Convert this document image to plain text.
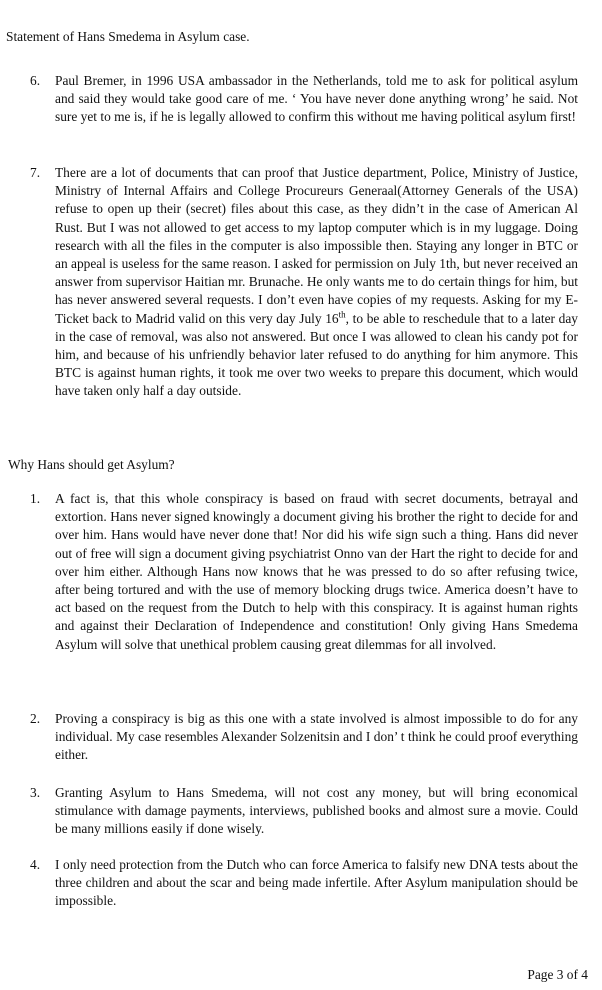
Statement of Hans Smedema in Asylum case.
6.	Paul Bremer, in 1996 USA ambassador in the Netherlands, told me to ask for political asylum and said they would take good care of me. ‘ You have never done anything wrong’ he said. Not sure yet to me is, if he is legally allowed to confirm this without me having political asylum first!
7.	There are a lot of documents that can proof that Justice department, Police, Ministry of Justice, Ministry of Internal Affairs and College Procureurs Generaal(Attorney Generals of the USA) refuse to open up their (secret) files about this case, as they didn’t in the case of American Al Rust. But I was not allowed to get access to my laptop computer which is in my luggage. Doing research with all the files in the computer is also impossible then. Staying any longer in BTC or an appeal is useless for the same reason. I asked for permission on July 1th, but never received an answer from supervisor Haitian mr. Brunache. He only wants me to do certain things for him, but has never answered several requests. I don’t even have copies of my requests. Asking for my E-Ticket back to Madrid valid on this very day July 16th, to be able to reschedule that to a later day in the case of removal, was also not answered. But once I was allowed to clean his candy pot for him, and because of his unfriendly behavior later refused to do anything for him anymore. This BTC is against human rights, it took me over two weeks to prepare this document, which would have taken only half a day outside.
Why Hans should get Asylum?
1.	A fact is, that this whole conspiracy is based on fraud with secret documents, betrayal and extortion. Hans never signed knowingly a document giving his brother the right to decide for and over him. Hans would have never done that! Nor did his wife sign such a thing. Hans did never out of free will sign a document giving psychiatrist Onno van der Hart the right to decide for and over him either. Although Hans now knows that he was pressed to do so after refusing twice, after being tortured and with the use of memory blocking drugs twice. America doesn’t have to act based on the request from the Dutch to help with this conspiracy. It is against human rights and against their Declaration of Independence and constitution! Only giving Hans Smedema Asylum will solve that unethical problem causing great dilemmas for all involved.
2.	Proving a conspiracy is big as this one with a state involved is almost impossible to do for any individual. My case resembles Alexander Solzenitsin and I don’ t think he could proof everything either.
3.	Granting Asylum to Hans Smedema, will not cost any money, but will bring economical stimulance with damage payments, interviews, published books and almost sure a movie. Could be many millions easily if done wisely.
4.	I only need protection from the Dutch who can force America to falsify new DNA tests about the three children and about the scar and being made infertile. After Asylum manipulation should be impossible.
Page 3 of 4
